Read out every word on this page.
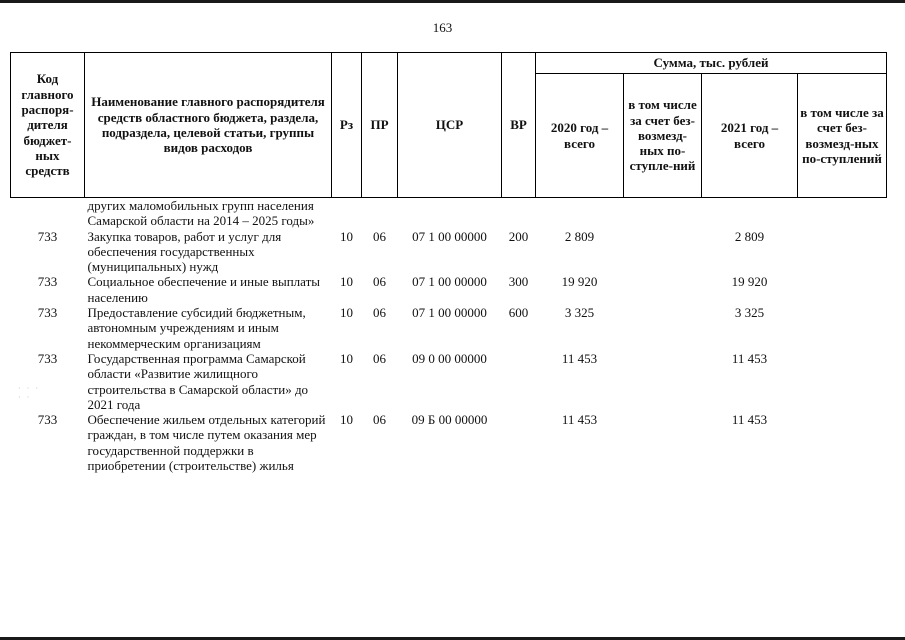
163
· · ·
· ·
Код главного распоря-дителя бюджет-ных средств	Наименование главного распорядителя средств областного бюджета, раздела, подраздела, целевой статьи, группы видов расходов	Рз	ПР	ЦСР	ВР	Сумма, тыс. рублей			
						2020 год – всего	в том числе за счет без-возмезд-ных по-ступле-ний	2021 год – всего	в том числе за счет без-возмезд-ных по-ступлений
	других маломобильных групп населения Самарской области на 2014 – 2025 годы»								
733	Закупка товаров, работ и услуг для обеспечения государственных (муниципальных) нужд	10	06	07 1 00 00000	200	2 809		2 809	
733	Социальное обеспечение и иные выплаты населению	10	06	07 1 00 00000	300	19 920		19 920	
733	Предоставление субсидий бюджетным, автономным учреждениям и иным некоммерческим организациям	10	06	07 1 00 00000	600	3 325		3 325	
733	Государственная программа Самарской области «Развитие жилищного строительства в Самарской области» до 2021 года	10	06	09 0 00 00000		11 453		11 453	
733	Обеспечение жильем отдельных категорий граждан, в том числе путем оказания мер государственной поддержки в приобретении (строительстве) жилья	10	06	09 Б 00 00000		11 453		11 453	
